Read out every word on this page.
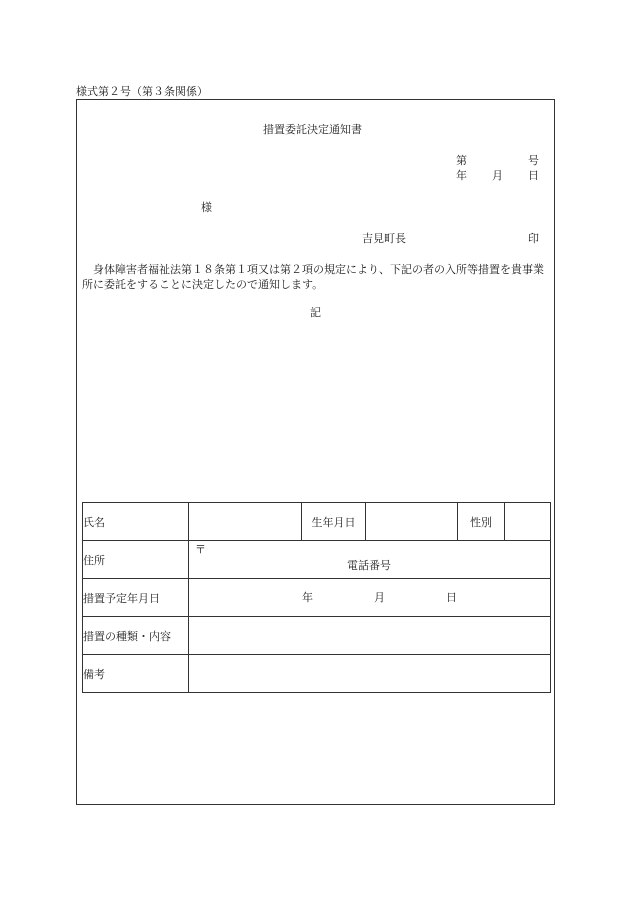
様式第２号（第３条関係）
措置委託決定通知書
第	号
年 月 日
様
吉見町長	印
身体障害者福祉法第１８条第１項又は第２項の規定により、下記の者の入所等措置を貴事業所に委託をすることに決定したので通知します。
記
氏名		生年月日		性別	
住所	〒
電話番号				

措置予定年月日	年 月 日				

措置の種類・内容					
備考					
